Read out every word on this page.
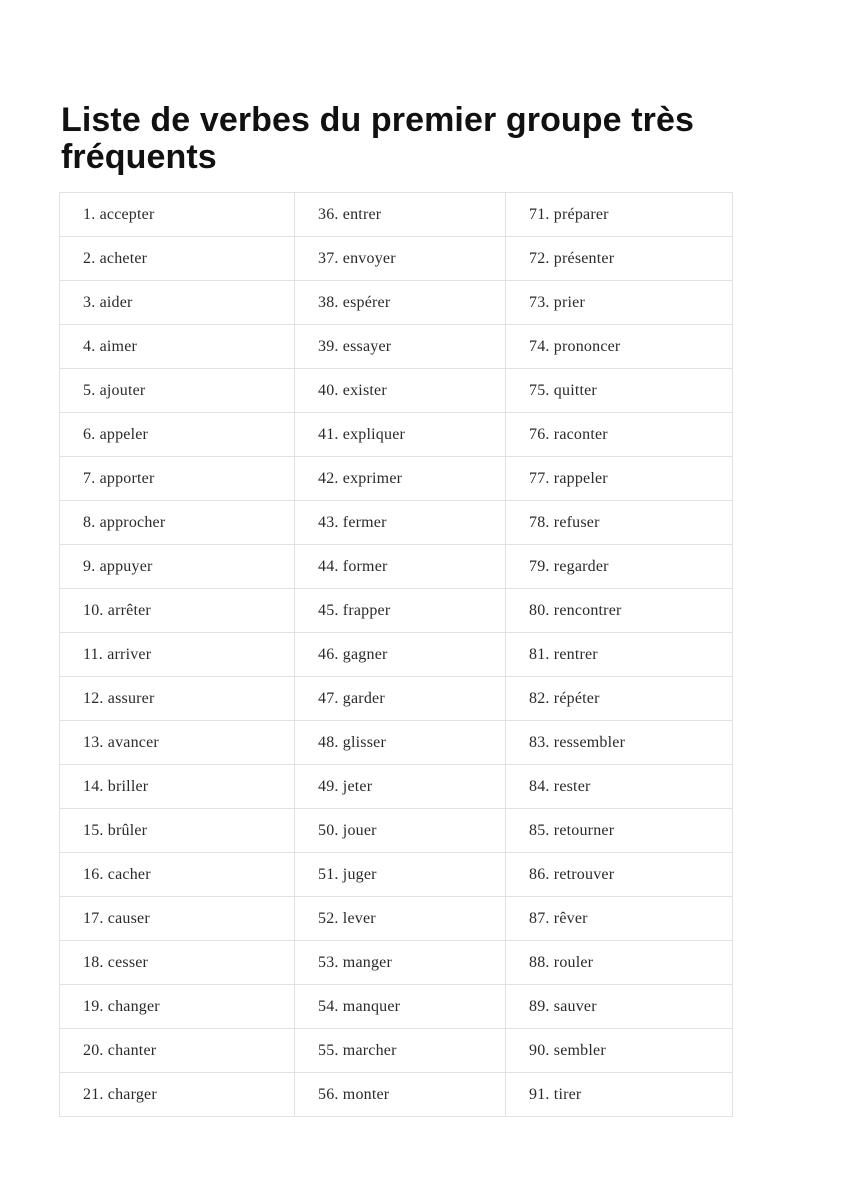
Liste de verbes du premier groupe très fréquents
1. accepter	36. entrer	71. préparer
2. acheter	37. envoyer	72. présenter
3. aider	38. espérer	73. prier
4. aimer	39. essayer	74. prononcer
5. ajouter	40. exister	75. quitter
6. appeler	41. expliquer	76. raconter
7. apporter	42. exprimer	77. rappeler
8. approcher	43. fermer	78. refuser
9. appuyer	44. former	79. regarder
10. arrêter	45. frapper	80. rencontrer
11. arriver	46. gagner	81. rentrer
12. assurer	47. garder	82. répéter
13. avancer	48. glisser	83. ressembler
14. briller	49. jeter	84. rester
15. brûler	50. jouer	85. retourner
16. cacher	51. juger	86. retrouver
17. causer	52. lever	87. rêver
18. cesser	53. manger	88. rouler
19. changer	54. manquer	89. sauver
20. chanter	55. marcher	90. sembler
21. charger	56. monter	91. tirer
